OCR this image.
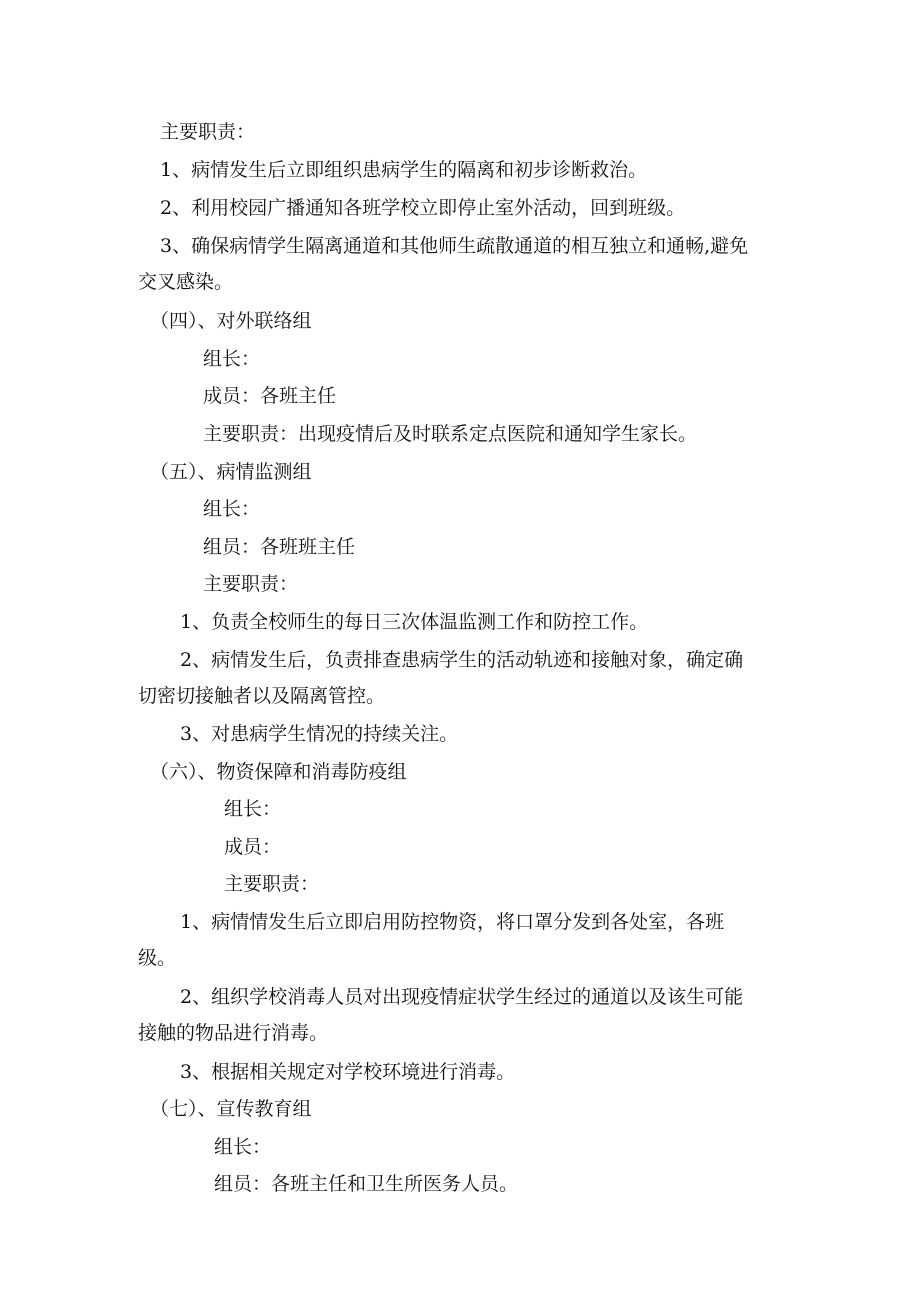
主要职责：
1、病情发生后立即组织患病学生的隔离和初步诊断救治。
2、利用校园广播通知各班学校立即停止室外活动，回到班级。
3、确保病情学生隔离通道和其他师生疏散通道的相互独立和通畅,避免
交叉感染。
（四）、对外联络组
组长：
成员：各班主任
主要职责：出现疫情后及时联系定点医院和通知学生家长。
（五）、病情监测组
组长：
组员：各班班主任
主要职责：
1、负责全校师生的每日三次体温监测工作和防控工作。
2、病情发生后，负责排查患病学生的活动轨迹和接触对象，确定确
切密切接触者以及隔离管控。
3、对患病学生情况的持续关注。
（六）、物资保障和消毒防疫组
组长：
成员：
主要职责：
1、病情情发生后立即启用防控物资，将口罩分发到各处室，各班
级。
2、组织学校消毒人员对出现疫情症状学生经过的通道以及该生可能
接触的物品进行消毒。
3、根据相关规定对学校环境进行消毒。
（七）、宣传教育组
组长：
组员：各班主任和卫生所医务人员。
